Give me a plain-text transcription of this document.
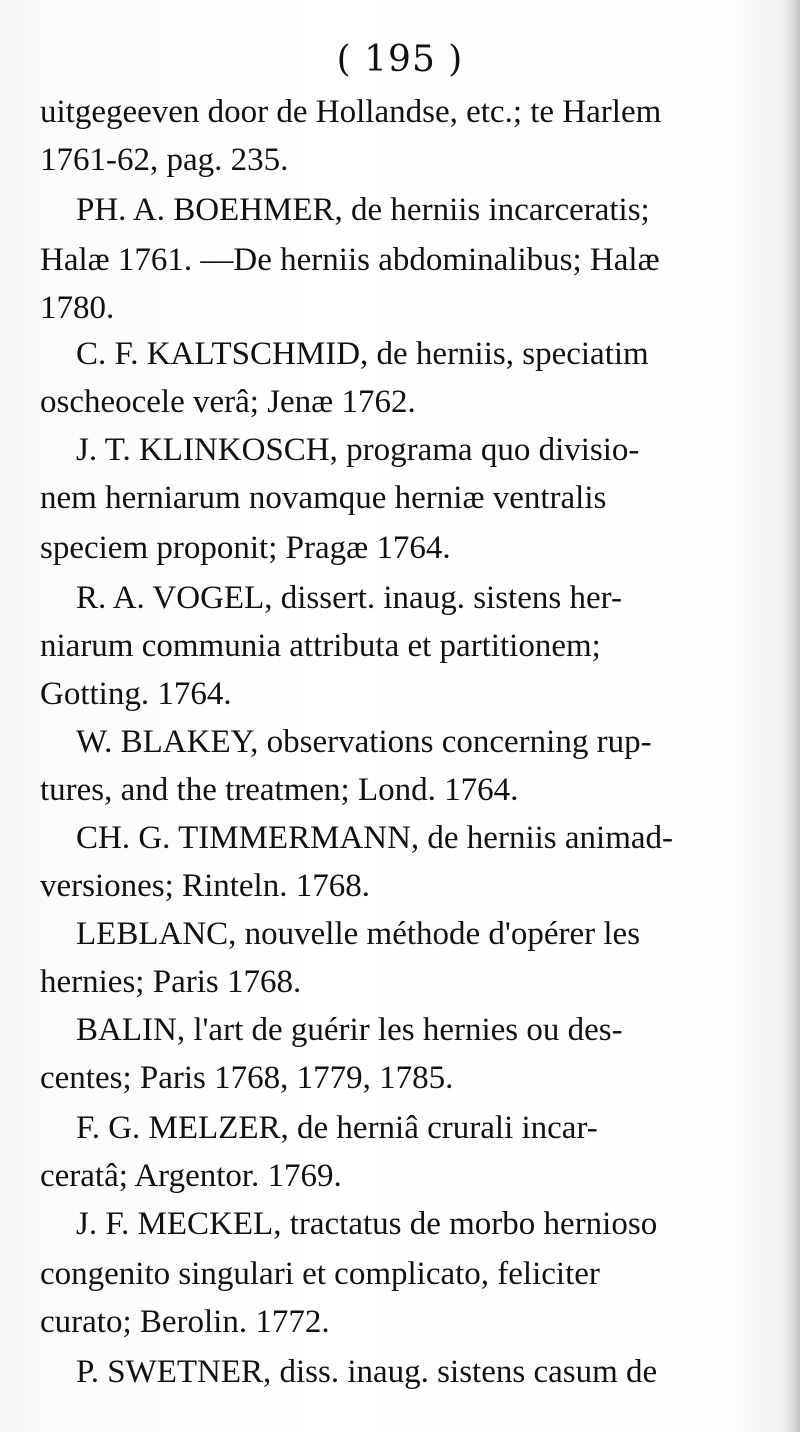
( 195 )
uitgegeeven door de Hollandse, etc.; te Harlem
1761-62, pag. 235.
PH. A. BOEHMER, de herniis incarceratis;
Halæ 1761. —De herniis abdominalibus; Halæ
1780.
C. F. KALTSCHMID, de herniis, speciatim
oscheocele verâ; Jenæ 1762.
J. T. KLINKOSCH, programa quo divisio-
nem herniarum novamque herniæ ventralis
speciem proponit; Pragæ 1764.
R. A. VOGEL, dissert. inaug. sistens her-
niarum communia attributa et partitionem;
Gotting. 1764.
W. BLAKEY, observations concerning rup-
tures, and the treatmen; Lond. 1764.
CH. G. TIMMERMANN, de herniis animad-
versiones; Rinteln. 1768.
LEBLANC, nouvelle méthode d'opérer les
hernies; Paris 1768.
BALIN, l'art de guérir les hernies ou des-
centes; Paris 1768, 1779, 1785.
F. G. MELZER, de herniâ crurali incar-
ceratâ; Argentor. 1769.
J. F. MECKEL, tractatus de morbo hernioso
congenito singulari et complicato, feliciter
curato; Berolin. 1772.
P. SWETNER, diss. inaug. sistens casum de
